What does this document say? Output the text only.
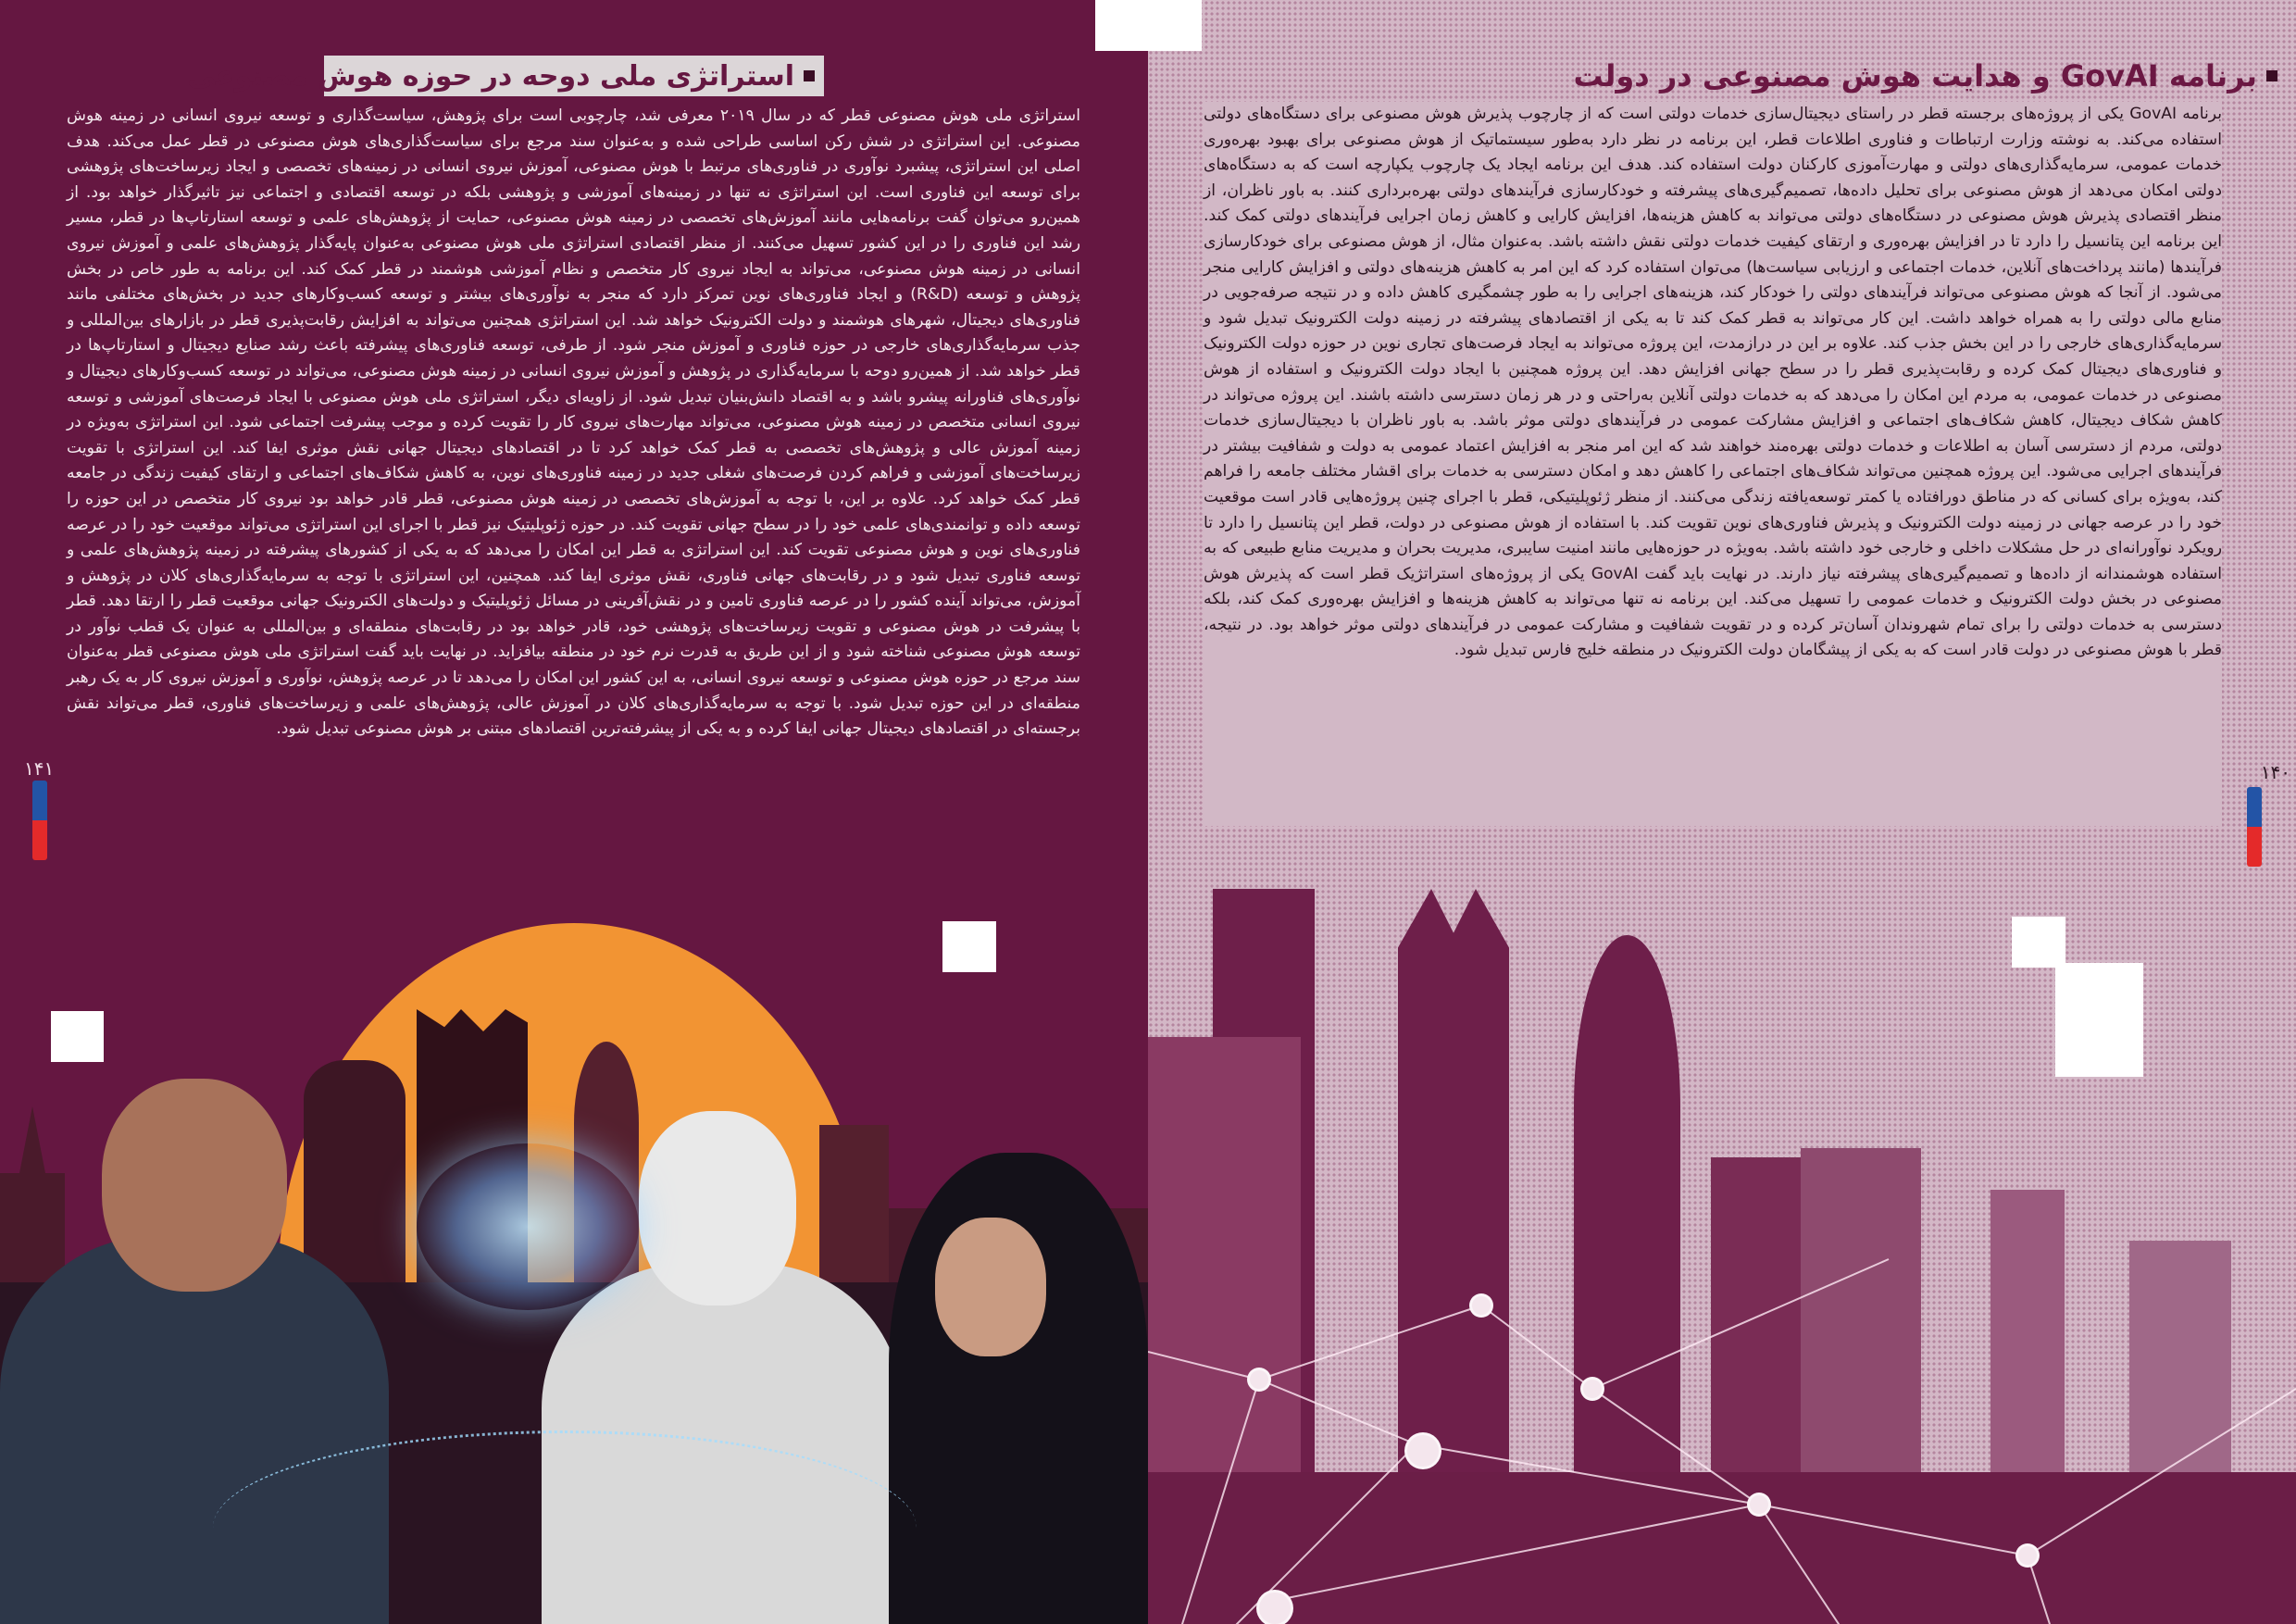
استراتژی ملی دوحه در حوزه هوش مصنوعی

استراتژی ملی هوش مصنوعی قطر که در سال ۲۰۱۹ معرفی شد، چارچوبی است برای پژوهش، سیاست‌گذاری و توسعه نیروی انسانی در زمینه هوش مصنوعی. این استراتژی در شش رکن اساسی طراحی شده و به‌عنوان سند مرجع برای سیاست‌گذاری‌های هوش مصنوعی در قطر عمل می‌کند. هدف اصلی این استراتژی، پیشبرد نوآوری در فناوری‌های مرتبط با هوش مصنوعی، آموزش نیروی انسانی در زمینه‌های تخصصی و ایجاد زیرساخت‌های پژوهشی برای توسعه این فناوری است. این استراتژی نه تنها در زمینه‌های آموزشی و پژوهشی بلکه در توسعه اقتصادی و اجتماعی نیز تاثیرگذار خواهد بود. از همین‌رو می‌توان گفت برنامه‌هایی مانند آموزش‌های تخصصی در زمینه هوش مصنوعی، حمایت از پژوهش‌های علمی و توسعه استارتاپ‌ها در قطر، مسیر رشد این فناوری را در این کشور تسهیل می‌کنند. از منظر اقتصادی استراتژی ملی هوش مصنوعی به‌عنوان پایه‌گذار پژوهش‌های علمی و آموزش نیروی انسانی در زمینه هوش مصنوعی، می‌تواند به ایجاد نیروی کار متخصص و نظام آموزشی هوشمند در قطر کمک کند. این برنامه به طور خاص در بخش پژوهش و توسعه (R&D) و ایجاد فناوری‌های نوین تمرکز دارد که منجر به نوآوری‌های بیشتر و توسعه کسب‌وکارهای جدید در بخش‌های مختلفی مانند فناوری‌های دیجیتال، شهرهای هوشمند و دولت الکترونیک خواهد شد. این استراتژی همچنین می‌تواند به افزایش رقابت‌پذیری قطر در بازارهای بین‌المللی و جذب سرمایه‌گذاری‌های خارجی در حوزه فناوری و آموزش منجر شود. از طرفی، توسعه فناوری‌های پیشرفته باعث رشد صنایع دیجیتال و استارتاپ‌ها در قطر خواهد شد. از همین‌رو دوحه با سرمایه‌گذاری در پژوهش و آموزش نیروی انسانی در زمینه هوش مصنوعی، می‌تواند در توسعه کسب‌وکارهای دیجیتال و نوآوری‌های فناورانه پیشرو باشد و به اقتصاد دانش‌بنیان تبدیل شود. از زاویه‌ای دیگر، استراتژی ملی هوش مصنوعی با ایجاد فرصت‌های آموزشی و توسعه نیروی انسانی متخصص در زمینه هوش مصنوعی، می‌تواند مهارت‌های نیروی کار را تقویت کرده و موجب پیشرفت اجتماعی شود. این استراتژی به‌ویژه در زمینه آموزش عالی و پژوهش‌های تخصصی به قطر کمک خواهد کرد تا در اقتصادهای دیجیتال جهانی نقش موثری ایفا کند. این استراتژی با تقویت زیرساخت‌های آموزشی و فراهم کردن فرصت‌های شغلی جدید در زمینه فناوری‌های نوین، به کاهش شکاف‌های اجتماعی و ارتقای کیفیت زندگی در جامعه قطر کمک خواهد کرد. علاوه بر این، با توجه به آموزش‌های تخصصی در زمینه هوش مصنوعی، قطر قادر خواهد بود نیروی کار متخصص در این حوزه را توسعه داده و توانمندی‌های علمی خود را در سطح جهانی تقویت کند. در حوزه ژئوپلیتیک نیز قطر با اجرای این استراتژی می‌تواند موقعیت خود را در عرصه فناوری‌های نوین و هوش مصنوعی تقویت کند. این استراتژی به قطر این امکان را می‌دهد که به یکی از کشورهای پیشرفته در زمینه پژوهش‌های علمی و توسعه فناوری تبدیل شود و در رقابت‌های جهانی فناوری، نقش موثری ایفا کند. همچنین، این استراتژی با توجه به سرمایه‌گذاری‌های کلان در پژوهش و آموزش، می‌تواند آینده کشور را در عرصه فناوری تامین و در نقش‌آفرینی در مسائل ژئوپلیتیک و دولت‌های الکترونیک جهانی موقعیت قطر را ارتقا دهد. قطر با پیشرفت در هوش مصنوعی و تقویت زیرساخت‌های پژوهشی خود، قادر خواهد بود در رقابت‌های منطقه‌ای و بین‌المللی به عنوان یک قطب نوآور در توسعه هوش مصنوعی شناخته شود و از این طریق به قدرت نرم خود در منطقه بیافزاید. در نهایت باید گفت استراتژی ملی هوش مصنوعی قطر به‌عنوان سند مرجع در حوزه هوش مصنوعی و توسعه نیروی انسانی، به این کشور این امکان را می‌دهد تا در عرصه پژوهش، نوآوری و آموزش نیروی کار به یک رهبر منطقه‌ای در این حوزه تبدیل شود. با توجه به سرمایه‌گذاری‌های کلان در آموزش عالی، پژوهش‌های علمی و زیرساخت‌های فناوری، قطر می‌تواند نقش برجسته‌ای در اقتصادهای دیجیتال جهانی ایفا کرده و به یکی از پیشرفته‌ترین اقتصادهای مبتنی بر هوش مصنوعی تبدیل شود.

۱۴۱
برنامه GovAI و هدایت هوش مصنوعی در دولت

برنامه GovAI یکی از پروژه‌های برجسته قطر در راستای دیجیتال‌سازی خدمات دولتی است که از چارچوب پذیرش هوش مصنوعی برای دستگاه‌های دولتی استفاده می‌کند. به نوشته وزارت ارتباطات و فناوری اطلاعات قطر، این برنامه در نظر دارد به‌طور سیستماتیک از هوش مصنوعی برای بهبود بهره‌وری خدمات عمومی، سرمایه‌گذاری‌های دولتی و مهارت‌آموزی کارکنان دولت استفاده کند. هدف این برنامه ایجاد یک چارچوب یکپارچه است که به دستگاه‌های دولتی امکان می‌دهد از هوش مصنوعی برای تحلیل داده‌ها، تصمیم‌گیری‌های پیشرفته و خودکارسازی فرآیندهای دولتی بهره‌برداری کنند. به باور ناظران، از منظر اقتصادی پذیرش هوش مصنوعی در دستگاه‌های دولتی می‌تواند به کاهش هزینه‌ها، افزایش کارایی و کاهش زمان اجرایی فرآیندهای دولتی کمک کند. این برنامه این پتانسیل را دارد تا در افزایش بهره‌وری و ارتقای کیفیت خدمات دولتی نقش داشته باشد. به‌عنوان مثال، از هوش مصنوعی برای خودکارسازی فرآیندها (مانند پرداخت‌های آنلاین، خدمات اجتماعی و ارزیابی سیاست‌ها) می‌توان استفاده کرد که این امر به کاهش هزینه‌های دولتی و افزایش کارایی منجر می‌شود. از آنجا که هوش مصنوعی می‌تواند فرآیندهای دولتی را خودکار کند، هزینه‌های اجرایی را به طور چشمگیری کاهش داده و در نتیجه صرفه‌جویی در منابع مالی دولتی را به همراه خواهد داشت. این کار می‌تواند به قطر کمک کند تا به یکی از اقتصادهای پیشرفته در زمینه دولت الکترونیک تبدیل شود و سرمایه‌گذاری‌های خارجی را در این بخش جذب کند. علاوه بر این در درازمدت، این پروژه می‌تواند به ایجاد فرصت‌های تجاری نوین در حوزه دولت الکترونیک و فناوری‌های دیجیتال کمک کرده و رقابت‌پذیری قطر را در سطح جهانی افزایش دهد. این پروژه همچنین با ایجاد دولت الکترونیک و استفاده از هوش مصنوعی در خدمات عمومی، به مردم این امکان را می‌دهد که به خدمات دولتی آنلاین به‌راحتی و در هر زمان دسترسی داشته باشند. این پروژه می‌تواند در کاهش شکاف دیجیتال، کاهش شکاف‌های اجتماعی و افزایش مشارکت عمومی در فرآیندهای دولتی موثر باشد. به باور ناظران با دیجیتال‌سازی خدمات دولتی، مردم از دسترسی آسان به اطلاعات و خدمات دولتی بهره‌مند خواهند شد که این امر منجر به افزایش اعتماد عمومی به دولت و شفافیت بیشتر در فرآیندهای اجرایی می‌شود. این پروژه همچنین می‌تواند شکاف‌های اجتماعی را کاهش دهد و امکان دسترسی به خدمات برای اقشار مختلف جامعه را فراهم کند، به‌ویژه برای کسانی که در مناطق دورافتاده یا کمتر توسعه‌یافته زندگی می‌کنند. از منظر ژئوپلیتیکی، قطر با اجرای چنین پروژه‌هایی قادر است موقعیت خود را در عرصه جهانی در زمینه دولت الکترونیک و پذیرش فناوری‌های نوین تقویت کند. با استفاده از هوش مصنوعی در دولت، قطر این پتانسیل را دارد تا رویکرد نوآورانه‌ای در حل مشکلات داخلی و خارجی خود داشته باشد. به‌ویژه در حوزه‌هایی مانند امنیت سایبری، مدیریت بحران و مدیریت منابع طبیعی که به استفاده هوشمندانه از داده‌ها و تصمیم‌گیری‌های پیشرفته نیاز دارند. در نهایت باید گفت GovAI یکی از پروژه‌های استراتژیک قطر است که پذیرش هوش مصنوعی در بخش دولت الکترونیک و خدمات عمومی را تسهیل می‌کند. این برنامه نه تنها می‌تواند به کاهش هزینه‌ها و افزایش بهره‌وری کمک کند، بلکه دسترسی به خدمات دولتی را برای تمام شهروندان آسان‌تر کرده و در تقویت شفافیت و مشارکت عمومی در فرآیندهای دولتی موثر خواهد بود. در نتیجه، قطر با هوش مصنوعی در دولت قادر است که به یکی از پیشگامان دولت الکترونیک در منطقه خلیج فارس تبدیل شود.

۱۴۰
